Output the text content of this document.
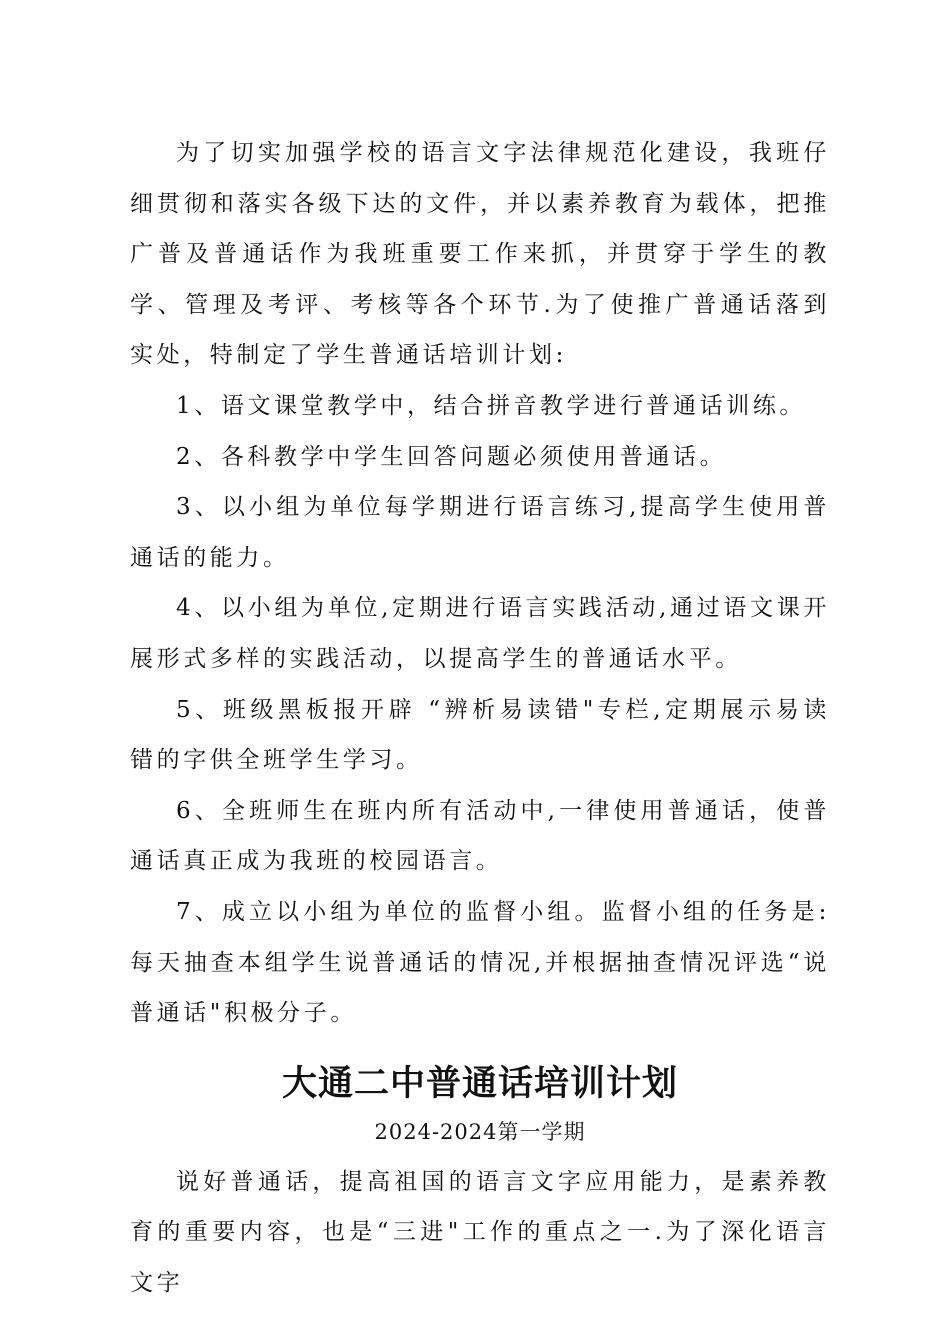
为了切实加强学校的语言文字法律规范化建设，我班仔细贯彻和落实各级下达的文件，并以素养教育为载体，把推广普及普通话作为我班重要工作来抓，并贯穿于学生的教学、管理及考评、考核等各个环节.为了使推广普通话落到实处，特制定了学生普通话培训计划:

1、语文课堂教学中，结合拼音教学进行普通话训练。

2、各科教学中学生回答问题必须使用普通话。

3、以小组为单位每学期进行语言练习,提高学生使用普通话的能力。

4、以小组为单位,定期进行语言实践活动,通过语文课开展形式多样的实践活动，以提高学生的普通话水平。

5、班级黑板报开辟 “辨析易读错"专栏,定期展示易读错的字供全班学生学习。

6、全班师生在班内所有活动中,一律使用普通话，使普通话真正成为我班的校园语言。

7、成立以小组为单位的监督小组。监督小组的任务是:每天抽查本组学生说普通话的情况,并根据抽查情况评选“说普通话"积极分子。

大通二中普通话培训计划

2024-2024第一学期

说好普通话，提高祖国的语言文字应用能力，是素养教育的重要内容，也是“三进"工作的重点之一.为了深化语言文字
